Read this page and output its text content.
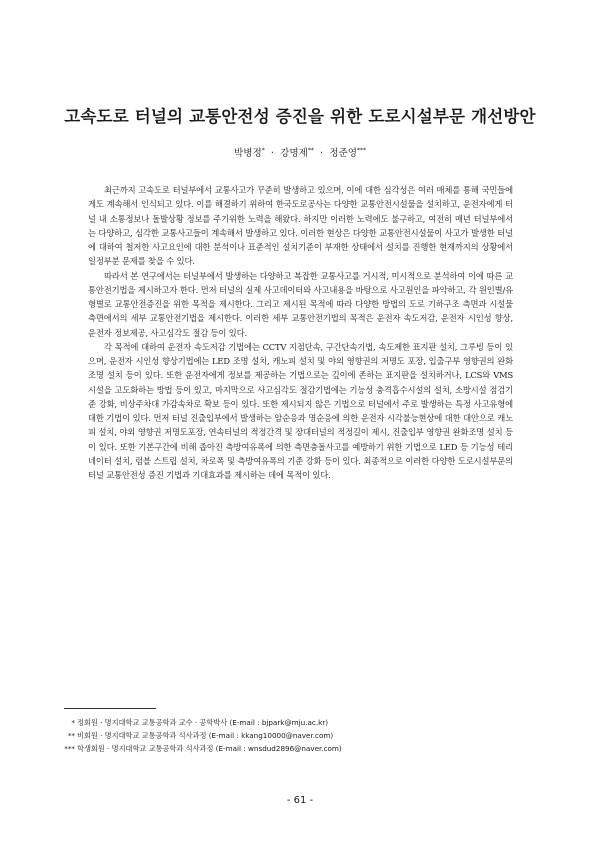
고속도로 터널의 교통안전성 증진을 위한 도로시설부문 개선방안
박병정* · 강명제** · 정준영***

최근까지 고속도로 터널부에서 교통사고가 꾸준히 발생하고 있으며, 이에 대한 심각성은 여러 매체를 통해 국민들에게도 계속해서 인식되고 있다. 이를 해결하기 위하여 한국도로공사는 다양한 교통안전시설물을 설치하고, 운전자에게 터널 내 소통정보나 돌발상황 정보를 주기위한 노력을 해왔다. 하지만 이러한 노력에도 불구하고, 여전히 매년 터널부에서는 다양하고, 심각한 교통사고들이 계속해서 발생하고 있다. 이러한 현상은 다양한 교통안전시설물이 사고가 발생한 터널에 대하여 철저한 사고요인에 대한 분석이나 표준적인 설치기준이 부재한 상태에서 설치를 진행한 현재까지의 상황에서 일정부분 문제를 찾을 수 있다.

따라서 본 연구에서는 터널부에서 발생하는 다양하고 복잡한 교통사고를 거시적, 미시적으로 분석하여 이에 따른 교통안전기법을 제시하고자 한다. 먼저 터널의 실제 사고데이터와 사고내용을 바탕으로 사고원인을 파악하고, 각 원인별/유형별로 교통안전증진을 위한 목적을 제시한다. 그리고 제시된 목적에 따라 다양한 방법의 도로 기하구조 측면과 시설물 측면에서의 세부 교통안전기법을 제시한다. 이러한 세부 교통안전기법의 목적은 운전자 속도저감, 운전자 시인성 향상, 운전자 정보제공, 사고심각도 절감 등이 있다.

각 목적에 대하여 운전자 속도저감 기법에는 CCTV 지점단속, 구간단속기법, 속도제한 표지판 설치, 그루빙 등이 있으며, 운전자 시인성 향상기법에는 LED 조명 설치, 캐노피 설치 및 야외 영향권의 저명도 포장, 입출구부 영향권의 완화조명 설치 등이 있다. 또한 운전자에게 정보를 제공하는 기법으로는 깊이에 존하는 표지판을 설치하거나, LCS와 VMS 시설을 고도화하는 방법 등이 있고, 마지막으로 사고심각도 절감기법에는 기능성 충격흡수시설의 설치, 소방시설 점검기준 강화, 비상주차대 가감속차로 확보 등이 있다. 또한 제시되지 않은 기법으로 터널에서 주로 발생하는 특정 사고유형에 대한 기법이 있다. 먼저 터널 진출입부에서 발생하는 암순응과 명순응에 의한 운전자 시각불능현상에 대한 대안으로 캐노피 설치, 야외 영향권 저명도포장, 연속터널의 적정간격 및 장대터널의 적정길이 제시, 진출입부 영향권 완화조명 설치 등이 있다. 또한 기본구간에 비해 좁아진 측방여유폭에 의한 측면충돌사고를 예방하기 위한 기법으로 LED 등 기능성 테리네이터 설치, 럼블 스트립 설치, 차로폭 및 측방여유폭의 기준 강화 등이 있다. 최종적으로 이러한 다양한 도로시설부문의 터널 교통안전성 증진 기법과 기대효과를 제시하는 데에 목적이 있다.

* 정회원 · 명지대학교 교통공학과 교수 · 공학박사 (E-mail : bjpark@mju.ac.kr)
** 비회원 · 명지대학교 교통공학과 석사과정 (E-mail : kkang10000@naver.com)
*** 학생회원 · 명지대학교 교통공학과 석사과정 (E-mail : wnsdud2896@naver.com)
- 61 -
